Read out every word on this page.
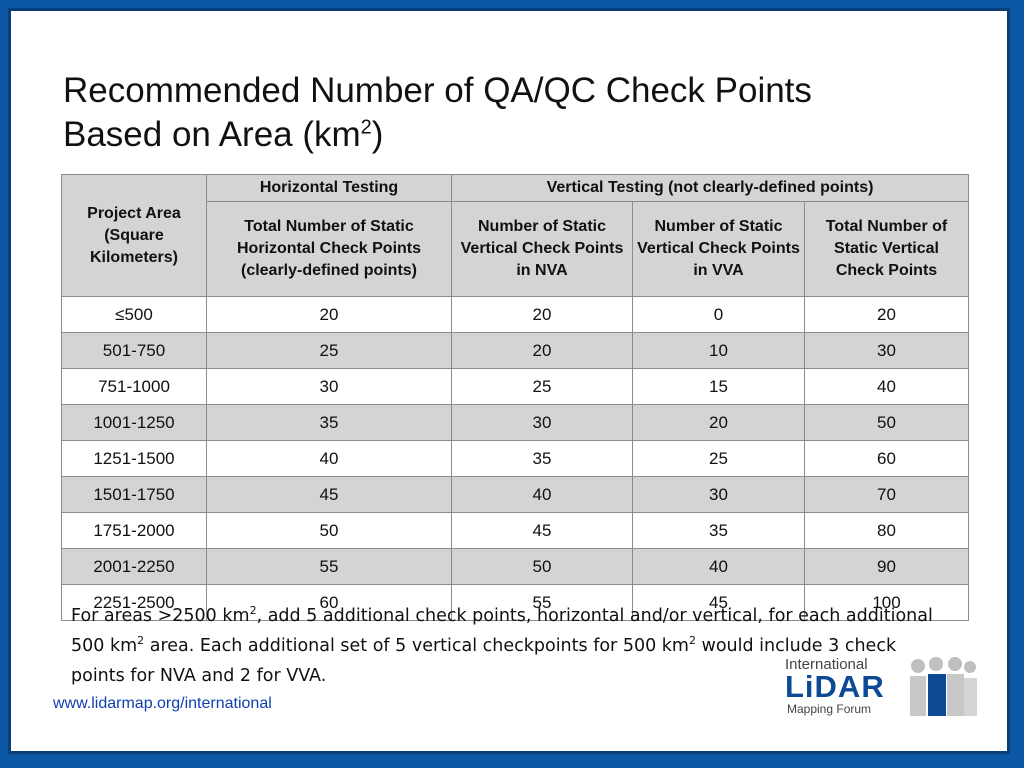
Recommended Number of QA/QC Check Points
Based on Area $(km^2)$
Project Area (Square Kilometers)	Horizontal Testing	Vertical Testing (not clearly-defined points)		
	Total Number of Static Horizontal Check Points (clearly-defined points)	Number of Static Vertical Check Points in NVA	Number of Static Vertical Check Points in VVA	Total Number of Static Vertical Check Points
≤500	20	20	0	20
501-750	25	20	10	30
751-1000	30	25	15	40
1001-1250	35	30	20	50
1251-1500	40	35	25	60
1501-1750	45	40	30	70
1751-2000	50	45	35	80
2001-2250	55	50	40	90
2251-2500	60	55	45	100
For areas >2500 $km^2$, add 5 additional check points, horizontal and/or vertical, for each additional 500 $km^2$ area. Each additional set of 5 vertical checkpoints for 500 $km^2$ would include 3 check points for NVA and 2 for VVA.
www.lidarmap.org/international
International
LiDAR
Mapping Forum
